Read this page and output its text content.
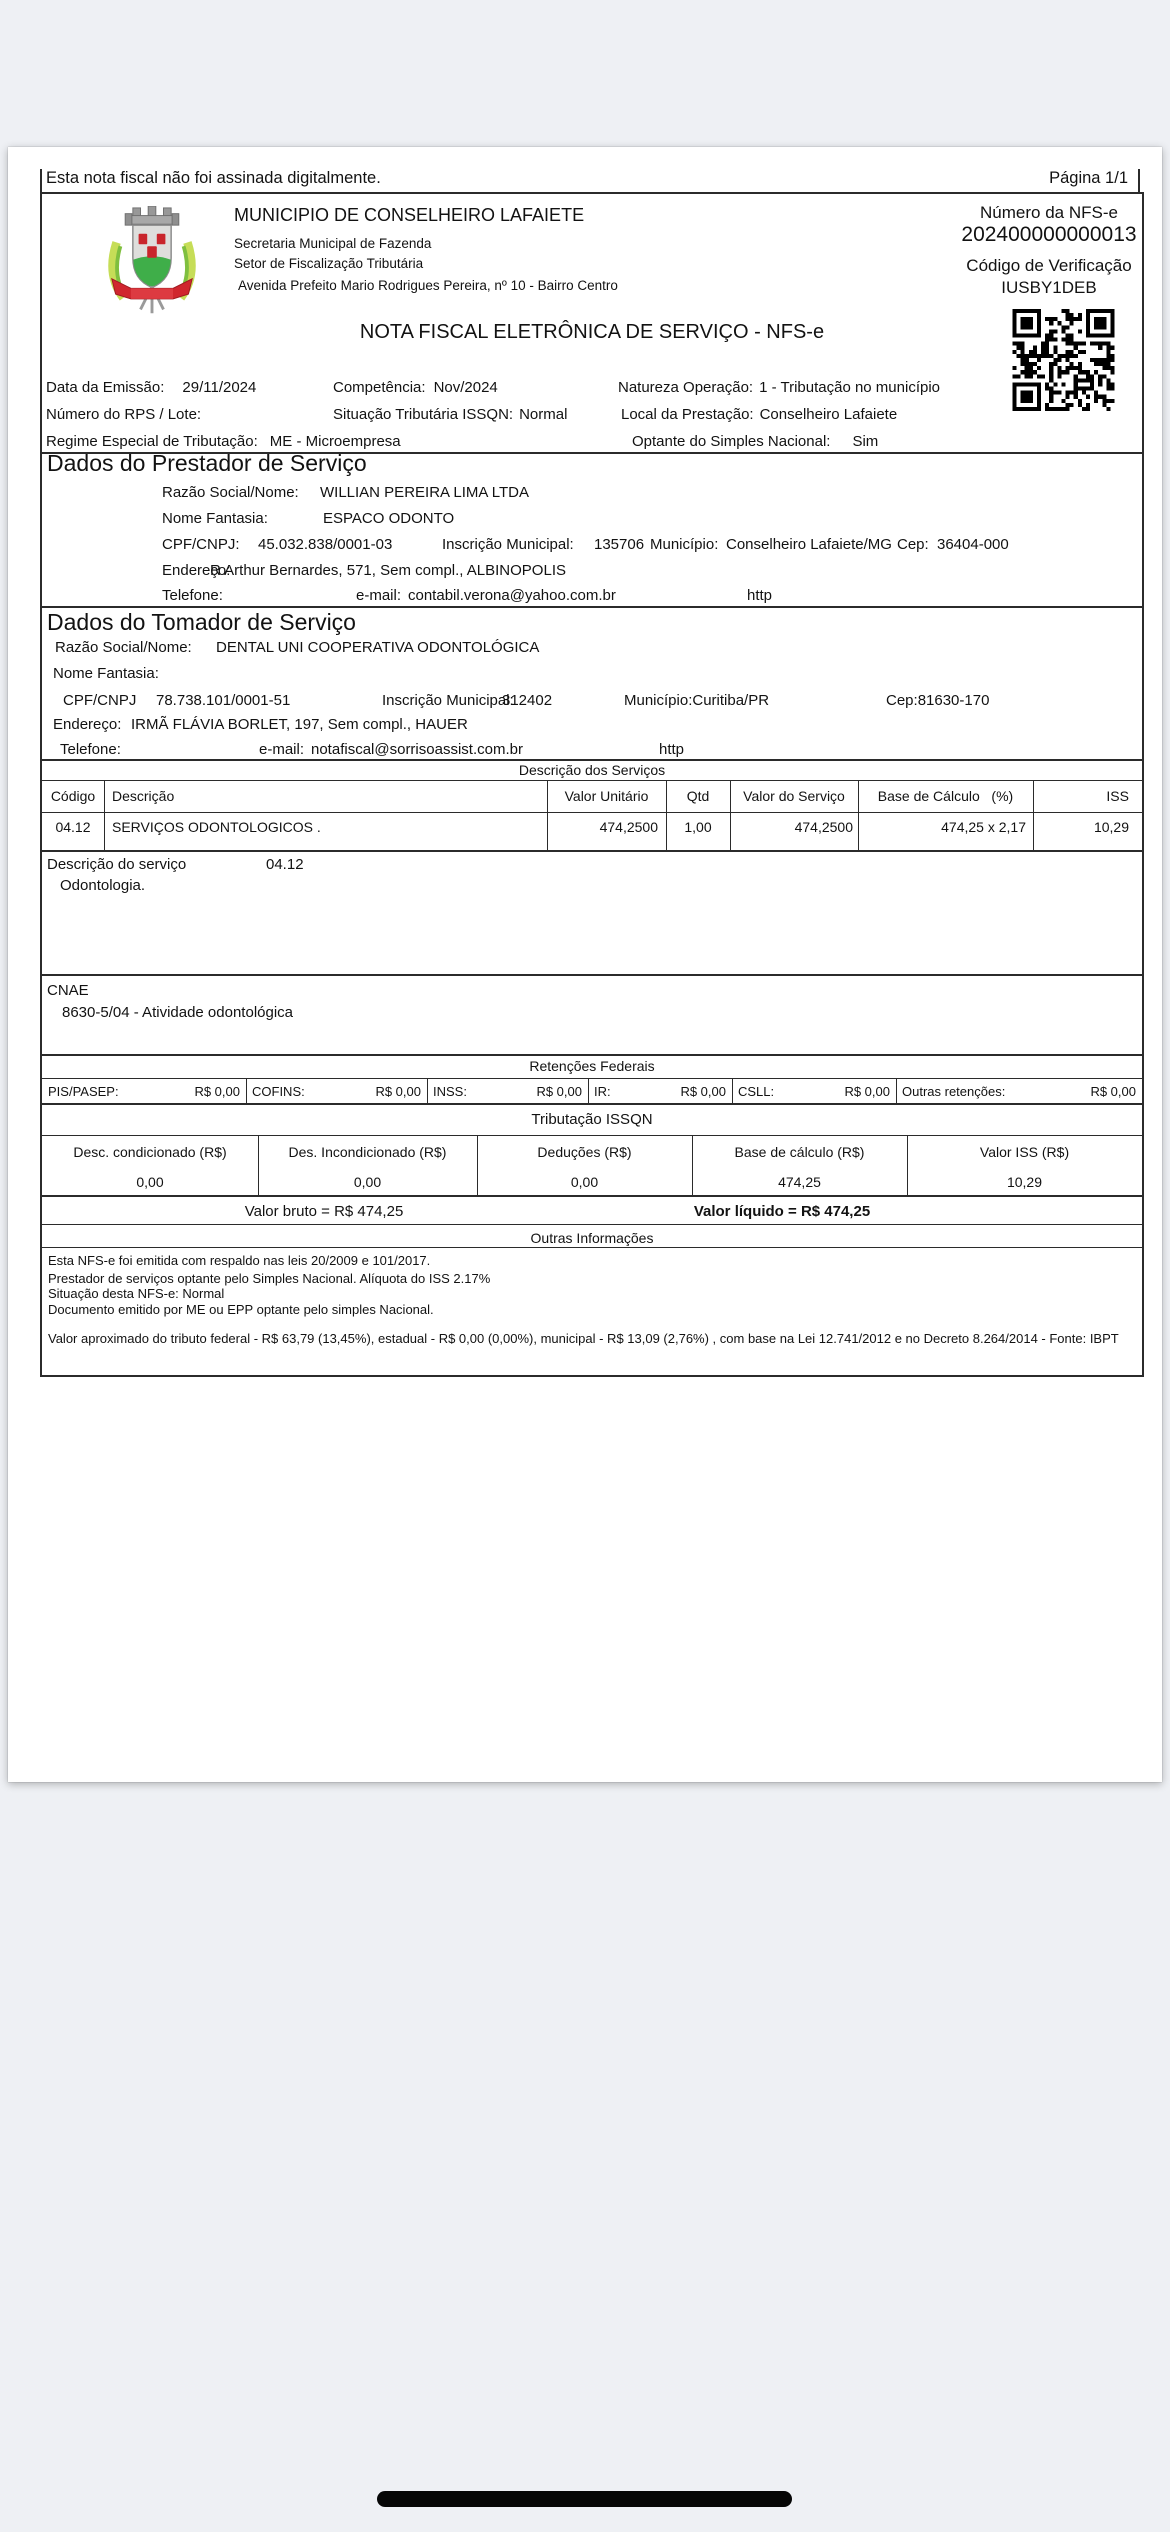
Esta nota fiscal não foi assinada digitalmente.	Página 1/1
MUNICIPIO DE CONSELHEIRO LAFAIETE
Secretaria Municipal de Fazenda
Setor de Fiscalização Tributária
Avenida Prefeito Mario Rodrigues Pereira, nº 10 - Bairro Centro
Número da NFS-e
202400000000013
Código de Verificação
IUSBY1DEB
NOTA FISCAL ELETRÔNICA DE SERVIÇO - NFS-e
Data da Emissão: 29/11/2024	Competência: Nov/2024	Natureza Operação: 1 - Tributação no município
Número do RPS / Lote:	Situação Tributária ISSQN: Normal	Local da Prestação: Conselheiro Lafaiete
Regime Especial de Tributação: ME - Microempresa	Optante do Simples Nacional: Sim
Dados do Prestador de Serviço
Razão Social/Nome: WILLIAN PEREIRA LIMA LTDA
Nome Fantasia:	ESPACO ODONTO
CPF/CNPJ: 45.032.838/0001-03	Inscrição Municipal: 135706 Município: Conselheiro Lafaiete/MG Cep: 36404-000
Endereço:
R Arthur Bernardes, 571, Sem compl., ALBINOPOLIS
Telefone:	e-mail: contabil.verona@yahoo.com.br	http
Dados do Tomador de Serviço
Razão Social/Nome: DENTAL UNI COOPERATIVA ODONTOLÓGICA
Nome Fantasia:
CPF/CNPJ 78.738.101/0001-51	Inscrição Municipal:
312402	Município:Curitiba/PR	Cep:81630-170
Endereço: IRMÃ FLÁVIA BORLET, 197, Sem compl., HAUER
Telefone:	e-mail: notafiscal@sorrisoassist.com.br	http
Descrição dos Serviços
Código	Descrição	Valor Unitário	Qtd	Valor do Serviço	Base de Cálculo   (%)	ISS
04.12	SERVIÇOS ODONTOLOGICOS .	474,2500	1,00	474,2500	474,25 x 2,17	10,29
Descrição do serviço	04.12
Odontologia.
CNAE
8630-5/04 - Atividade odontológica
Retenções Federais
PIS/PASEP:	R$ 0,00 COFINS:	R$ 0,00 INSS:	R$ 0,00 IR:	R$ 0,00 CSLL:	R$ 0,00 Outras retenções:	R$ 0,00
Tributação ISSQN
Desc. condicionado (R$)
0,00
Des. Incondicionado (R$)
0,00
Deduções (R$)
0,00
Base de cálculo (R$)
474,25
Valor ISS (R$)
10,29
Valor bruto = R$ 474,25	Valor líquido = R$ 474,25
Outras Informações
Esta NFS-e foi emitida com respaldo nas leis 20/2009 e 101/2017.
Prestador de serviços optante pelo Simples Nacional. Alíquota do ISS 2.17%
Situação desta NFS-e: Normal
Documento emitido por ME ou EPP optante pelo simples Nacional.
Valor aproximado do tributo federal - R$ 63,79 (13,45%), estadual - R$ 0,00 (0,00%), municipal - R$ 13,09 (2,76%) , com base na Lei 12.741/2012 e no Decreto 8.264/2014 - Fonte: IBPT
